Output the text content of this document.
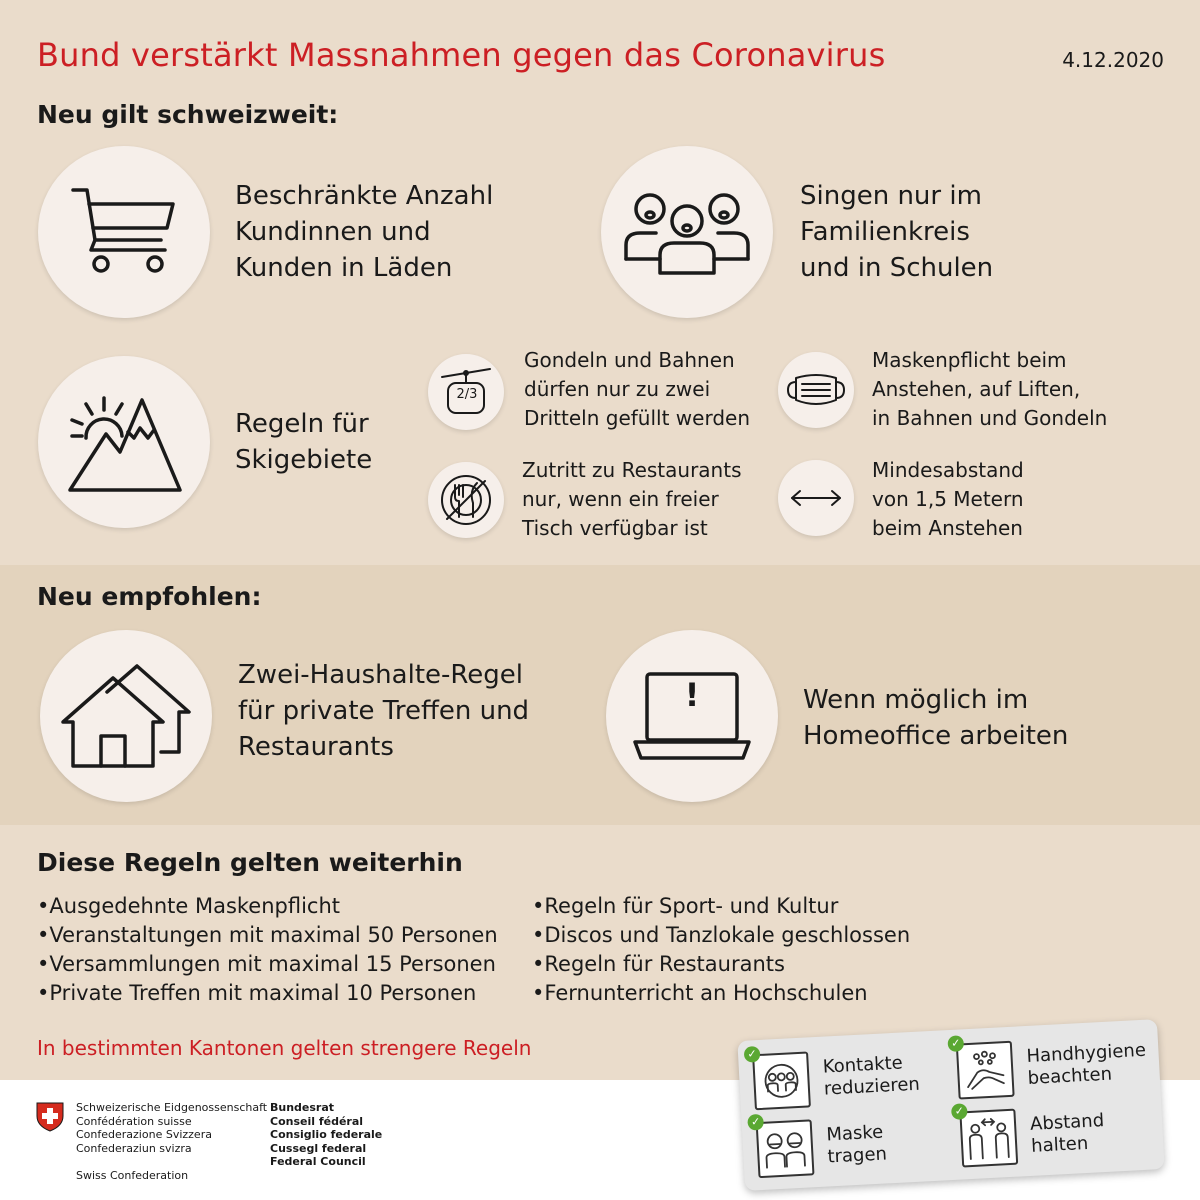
Bund verstärkt Massnahmen gegen das Coronavirus	4.12.2020
Neu gilt schweizweit:
Beschränkte Anzahl
Kundinnen und
Kunden in Läden
Singen nur im
Familienkreis
und in Schulen
Regeln für
Skigebiete
2/3
Gondeln und Bahnen
dürfen nur zu zwei
Dritteln gefüllt werden
Maskenpflicht beim
Anstehen, auf Liften,
in Bahnen und Gondeln
Zutritt zu Restaurants
nur, wenn ein freier
Tisch verfügbar ist
Mindesabstand
von 1,5 Metern
beim Anstehen
Neu empfohlen:
Zwei-Haushalte-Regel
für private Treffen und
Restaurants
!	Wenn möglich im
Homeoffice arbeiten
Diese Regeln gelten weiterhin
• Ausgedehnte Maskenpflicht
• Veranstaltungen mit maximal 50 Personen
• Versammlungen mit maximal 15 Personen
• Private Treffen mit maximal 10 Personen
• Regeln für Sport- und Kultur
• Discos und Tanzlokale geschlossen
• Regeln für Restaurants
• Fernunterricht an Hochschulen
In bestimmten Kantonen gelten strengere Regeln
Schweizerische Eidgenossenschaft
Confédération suisse
Confederazione Svizzera
Confederaziun svizra
Swiss Confederation
Bundesrat
Conseil fédéral
Consiglio federale
Cussegl federal
Federal Council
✓	Kontakte
reduzieren
✓	Handhygiene
beachten
✓	Maske
tragen
✓	Abstand
halten
